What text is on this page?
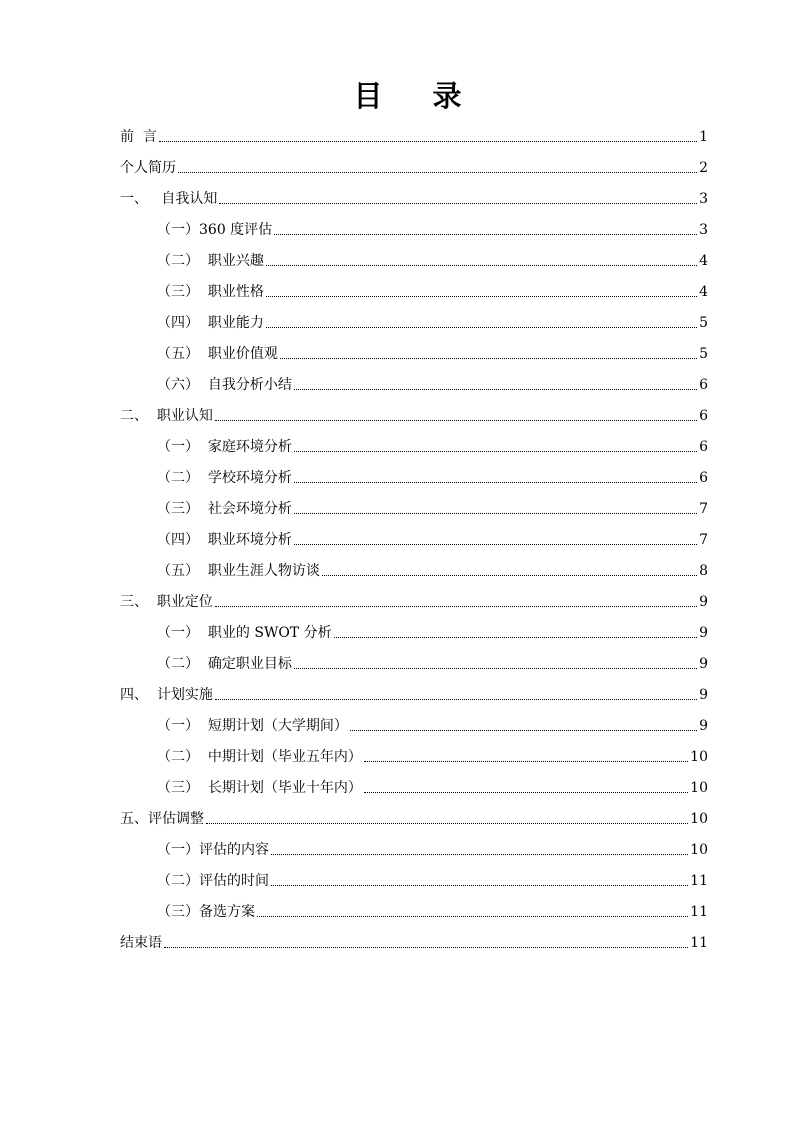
目 录
前  言	1
个人简历	2
一、   自我认知	3
（一）360 度评估	3
（二）  职业兴趣	4
（三）  职业性格	4
（四）  职业能力	5
（五）  职业价值观	5
（六）  自我分析小结	6
二、  职业认知	6
（一）  家庭环境分析	6
（二）  学校环境分析	6
（三）  社会环境分析	7
（四）  职业环境分析	7
（五）  职业生涯人物访谈	8
三、  职业定位	9
（一）  职业的 SWOT 分析	9
（二）  确定职业目标	9
四、  计划实施	9
（一）  短期计划（大学期间）	9
（二）  中期计划（毕业五年内）	10
（三）  长期计划（毕业十年内）	10
五、评估调整	10
（一）评估的内容	10
（二）评估的时间	11
（三）备选方案	11
结束语	11
